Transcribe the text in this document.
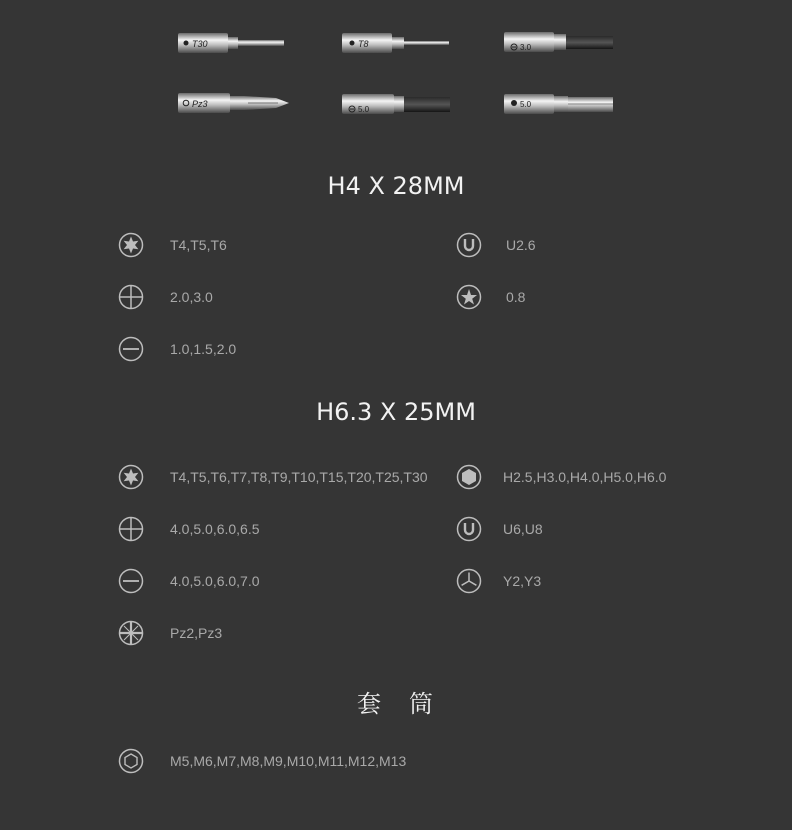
T30	T8	3.0
Pz3
5.0
5.0
H4 X 28MM
T4,T5,T6	U2.6
2.0,3.0	0.8
1.0,1.5,2.0
H6.3 X 25MM
T4,T5,T6,T7,T8,T9,T10,T15,T20,T25,T30	H2.5,H3.0,H4.0,H5.0,H6.0
4.0,5.0,6.0,6.5	U6,U8
4.0,5.0,6.0,7.0	Y2,Y3
Pz2,Pz3
套　筒
M5,M6,M7,M8,M9,M10,M11,M12,M13
